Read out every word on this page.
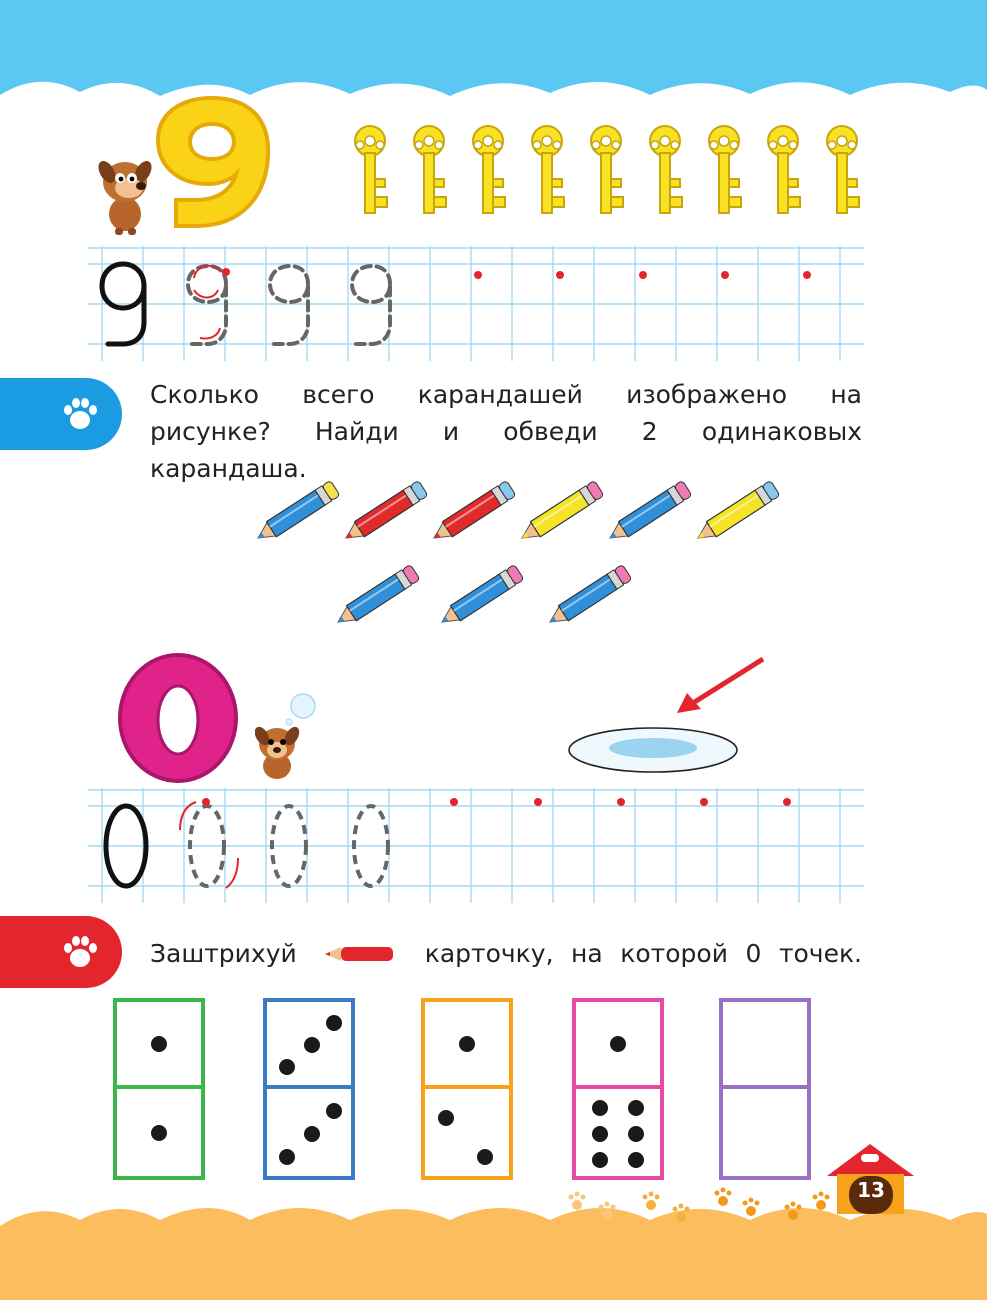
Сколько всего карандашей изображено на рисунке? Найди и обведи 2 одинаковых карандаша.
Заштрихуй	карточку, на которой 0 точек.
13
